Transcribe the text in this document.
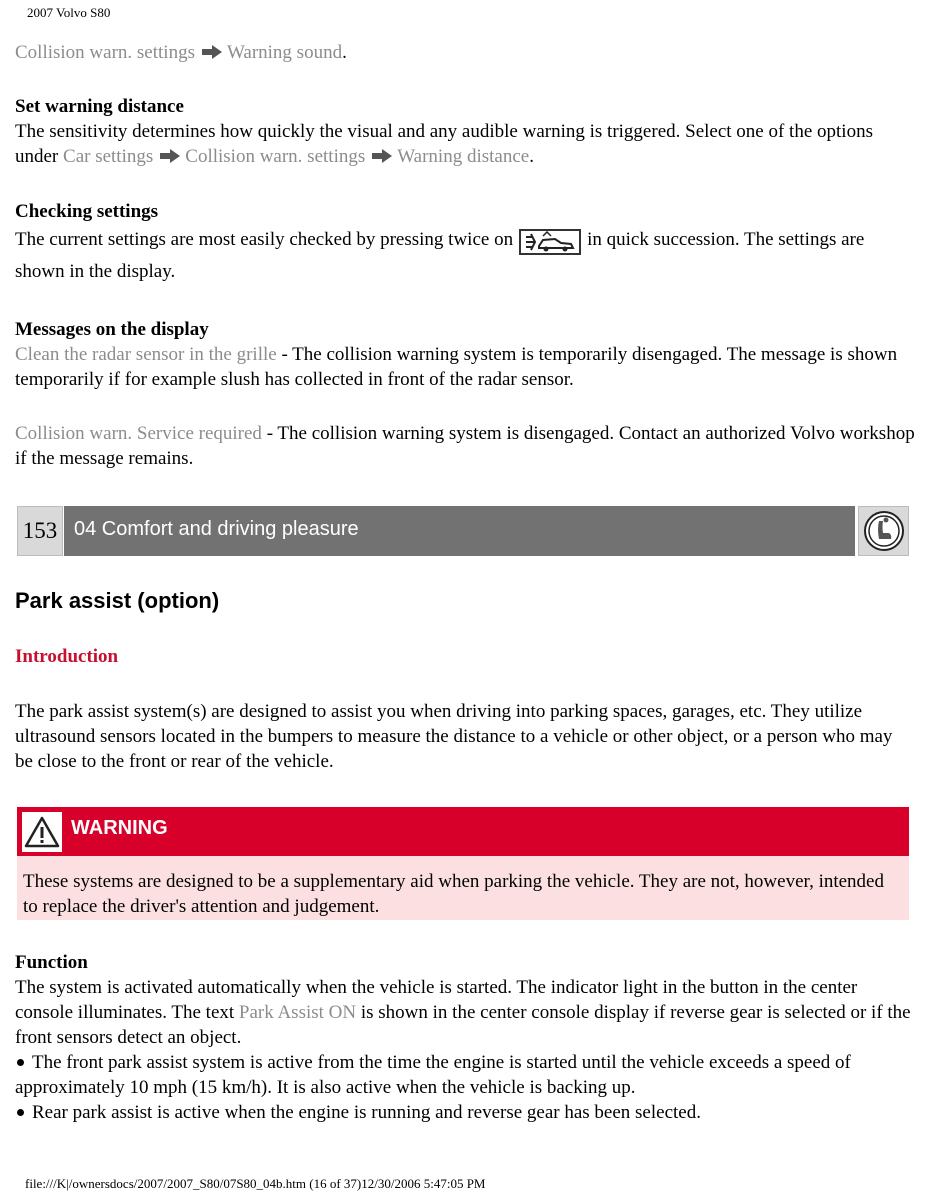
2007 Volvo S80
Collision warn. settings Warning sound.
Set warning distance
The sensitivity determines how quickly the visual and any audible warning is triggered. Select one of the options under Car settings Collision warn. settings Warning distance.
Checking settings
The current settings are most easily checked by pressing twice on	in quick succession. The settings are shown in the display.
Messages on the display
Clean the radar sensor in the grille - The collision warning system is temporarily disengaged. The message is shown temporarily if for example slush has collected in front of the radar sensor.
Collision warn. Service required - The collision warning system is disengaged. Contact an authorized Volvo workshop if the message remains.
153 04 Comfort and driving pleasure
Park assist (option)
Introduction
The park assist system(s) are designed to assist you when driving into parking spaces, garages, etc. They utilize ultrasound sensors located in the bumpers to measure the distance to a vehicle or other object, or a person who may be close to the front or rear of the vehicle.
WARNING
These systems are designed to be a supplementary aid when parking the vehicle. They are not, however, intended to replace the driver's attention and judgement.
Function
The system is activated automatically when the vehicle is started. The indicator light in the button in the center console illuminates. The text Park Assist ON is shown in the center console display if reverse gear is selected or if the front sensors detect an object.
The front park assist system is active from the time the engine is started until the vehicle exceeds a speed of approximately 10 mph (15 km/h). It is also active when the vehicle is backing up.
Rear park assist is active when the engine is running and reverse gear has been selected.
file:///K|/ownersdocs/2007/2007_S80/07S80_04b.htm (16 of 37)12/30/2006 5:47:05 PM
